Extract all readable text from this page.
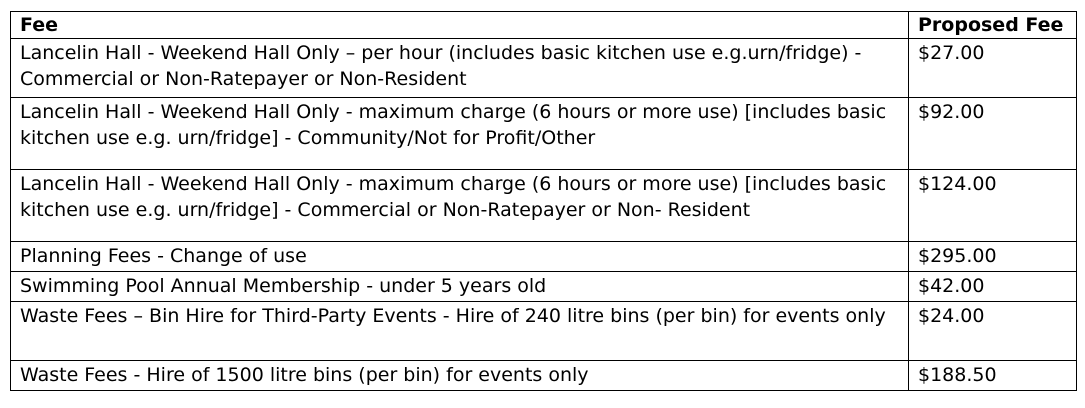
Fee	Proposed Fee
Lancelin Hall - Weekend Hall Only – per hour (includes basic kitchen use e.g.urn/fridge) - Commercial or Non-Ratepayer or Non-Resident	$27.00
Lancelin Hall - Weekend Hall Only - maximum charge (6 hours or more use) [includes basic kitchen use e.g. urn/fridge] - Community/Not for Profit/Other	$92.00
Lancelin Hall - Weekend Hall Only - maximum charge (6 hours or more use) [includes basic kitchen use e.g. urn/fridge] - Commercial or Non-Ratepayer or Non- Resident	$124.00
Planning Fees - Change of use	$295.00
Swimming Pool Annual Membership - under 5 years old	$42.00
Waste Fees – Bin Hire for Third-Party Events - Hire of 240 litre bins (per bin) for events only	$24.00
Waste Fees - Hire of 1500 litre bins (per bin) for events only	$188.50
